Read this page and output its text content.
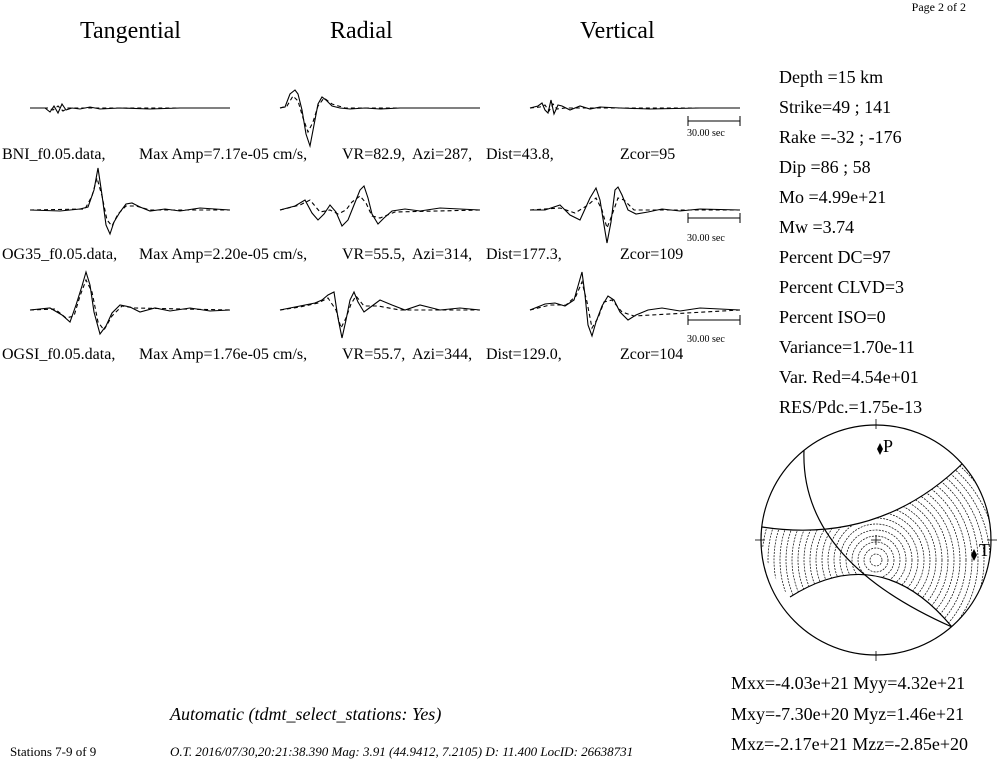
Page 2 of 2
Tangential	Radial	Vertical
30.00 sec
30.00 sec
30.00 sec
BNI_f0.05.data, Max Amp=7.17e-05 cm/s, VR=82.9, Azi=287, Dist=43.8,	Zcor=95
OG35_f0.05.data, Max Amp=2.20e-05 cm/s, VR=55.5, Azi=314, Dist=177.3,	Zcor=109
OGSI_f0.05.data, Max Amp=1.76e-05 cm/s, VR=55.7, Azi=344, Dist=129.0,	Zcor=104
Depth =15 km
Strike=49 ; 141
Rake =-32 ; -176
Dip =86 ; 58
Mo =4.99e+21
Mw =3.74
Percent DC=97
Percent CLVD=3
Percent ISO=0
Variance=1.70e-11
Var. Red=4.54e+01
RES/Pdc.=1.75e-13
P
T
Mxx=-4.03e+21 Myy=4.32e+21
Mxy=-7.30e+20 Myz=1.46e+21
Mxz=-2.17e+21 Mzz=-2.85e+20
Automatic (tdmt_select_stations: Yes)
Stations 7-9 of 9	O.T. 2016/07/30,20:21:38.390 Mag: 3.91 (44.9412, 7.2105) D: 11.400 LocID: 26638731
